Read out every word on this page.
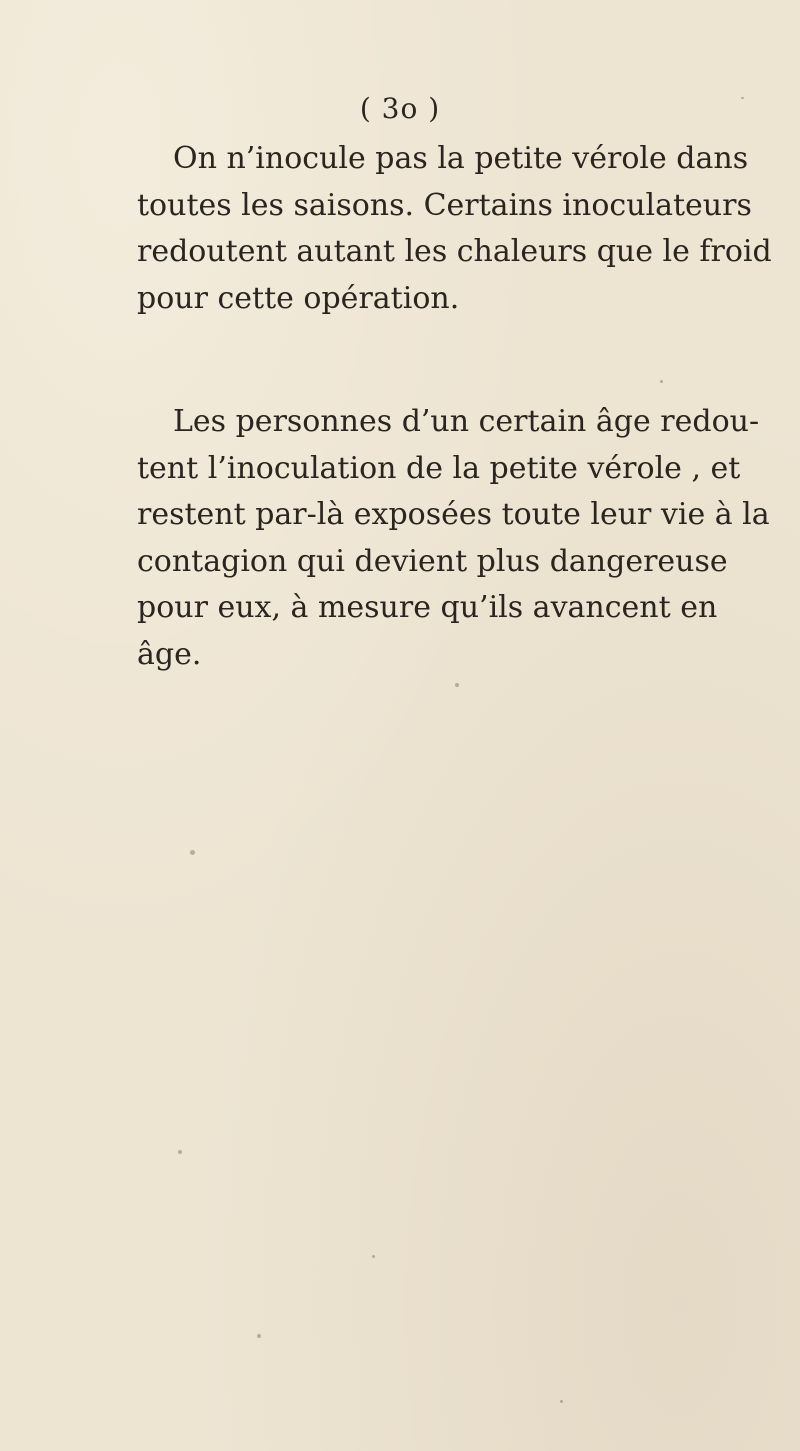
( 3o )

On n’inocule pas la petite vérole dans
toutes les saisons. Certains inoculateurs
redoutent autant les chaleurs que le froid
pour cette opération.

Les personnes d’un certain âge redou-
tent l’inoculation de la petite vérole , et
restent par-là exposées toute leur vie à la
contagion qui devient plus dangereuse
pour eux, à mesure qu’ils avancent en
âge.
